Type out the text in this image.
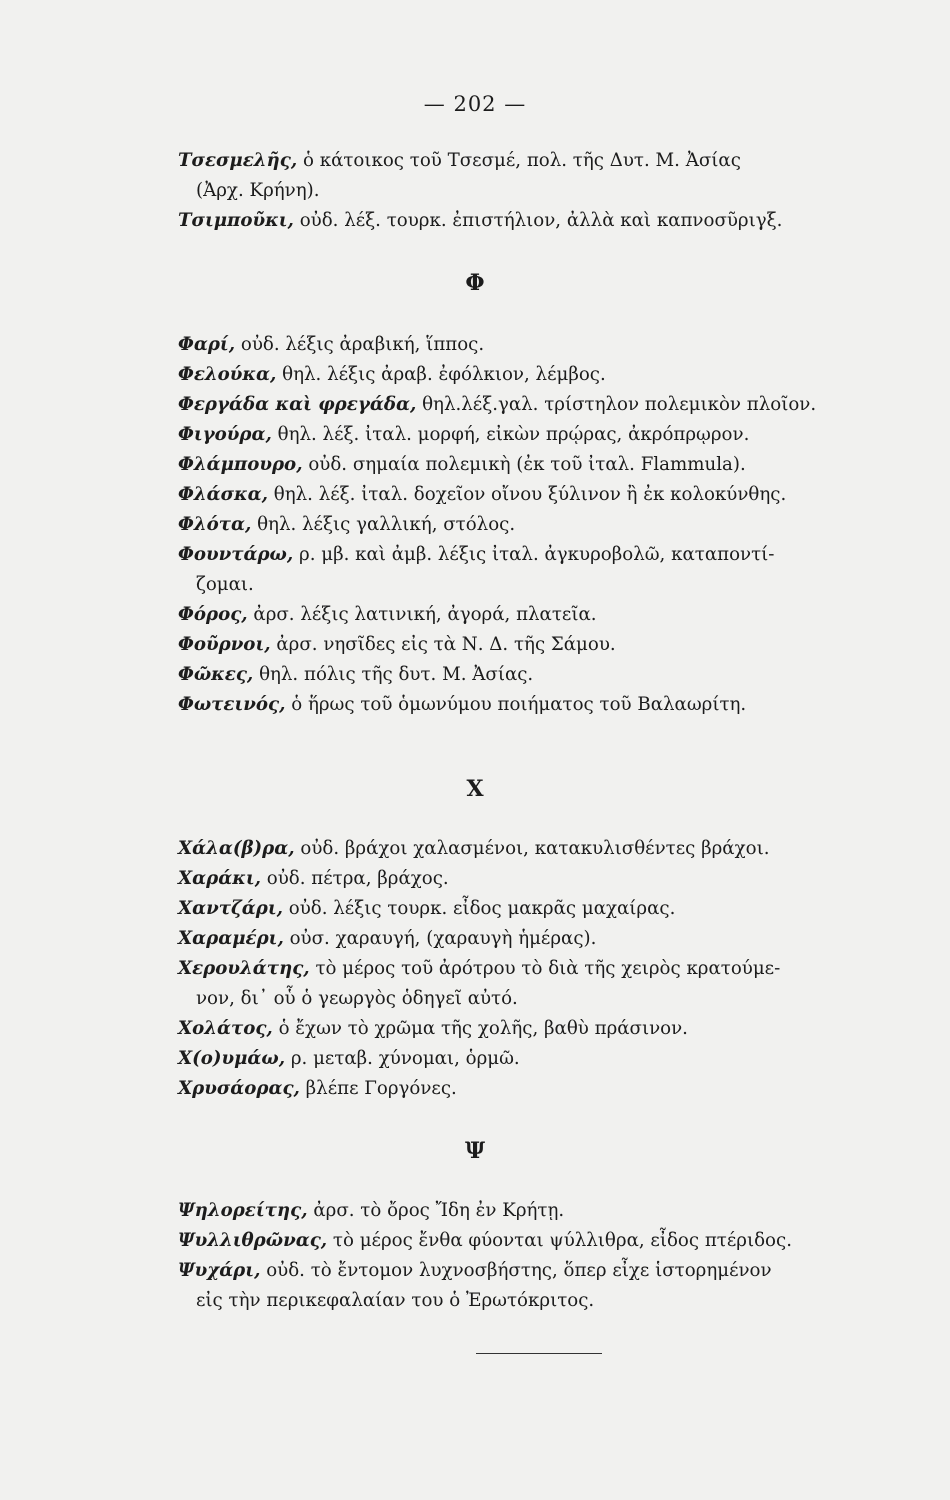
— 202 —
Τσεσμελῆς, ὁ κάτοικος τοῦ Τσεσμέ, πολ. τῆς Δυτ. Μ. Ἀσίας
(Ἀρχ. Κρήνη).
Τσιμποῦκι, οὐδ. λέξ. τουρκ. ἐπιστήλιον, ἀλλὰ καὶ καπνοσῦριγξ.
Φ
Φαρί, οὐδ. λέξις ἀραβική, ἵππος.
Φελούκα, θηλ. λέξις ἀραβ. ἐφόλκιον, λέμβος.
Φεργάδα καὶ φρεγάδα, θηλ.λέξ.γαλ. τρίστηλον πολεμικὸν πλοῖον.
Φιγούρα, θηλ. λέξ. ἰταλ. μορφή, εἰκὼν πρῴρας, ἀκρόπρῳρον.
Φλάμπουρο, οὐδ. σημαία πολεμικὴ (ἐκ τοῦ ἰταλ. Flammula).
Φλάσκα, θηλ. λέξ. ἰταλ. δοχεῖον οἴνου ξύλινον ἢ ἐκ κολοκύνθης.
Φλότα, θηλ. λέξις γαλλική, στόλος.
Φουντάρω, ρ. μβ. καὶ ἀμβ. λέξις ἰταλ. ἀγκυροβολῶ, καταποντί-
ζομαι.
Φόρος, ἀρσ. λέξις λατινική, ἀγορά, πλατεῖα.
Φοῦρνοι, ἀρσ. νησῖδες εἰς τὰ Ν. Δ. τῆς Σάμου.
Φῶκες, θηλ. πόλις τῆς δυτ. Μ. Ἀσίας.
Φωτεινός, ὁ ἥρως τοῦ ὁμωνύμου ποιήματος τοῦ Βαλαωρίτη.
Χ
Χάλα(β)ρα, οὐδ. βράχοι χαλασμένοι, κατακυλισθέντες βράχοι.
Χαράκι, οὐδ. πέτρα, βράχος.
Χαντζάρι, οὐδ. λέξις τουρκ. εἶδος μακρᾶς μαχαίρας.
Χαραμέρι, οὐσ. χαραυγή, (χαραυγὴ ἡμέρας).
Χερουλάτης, τὸ μέρος τοῦ ἀρότρου τὸ διὰ τῆς χειρὸς κρατούμε-
νον, δι᾽ οὗ ὁ γεωργὸς ὁδηγεῖ αὐτό.
Χολάτος, ὁ ἔχων τὸ χρῶμα τῆς χολῆς, βαθὺ πράσινον.
Χ(ο)υμάω, ρ. μεταβ. χύνομαι, ὁρμῶ.
Χρυσάορας, βλέπε Γοργόνες.
Ψ
Ψηλορείτης, ἀρσ. τὸ ὄρος Ἴδη ἐν Κρήτῃ.
Ψυλλιθρῶνας, τὸ μέρος ἔνθα φύονται ψύλλιθρα, εἶδος πτέριδος.
Ψυχάρι, οὐδ. τὸ ἔντομον λυχνοσβήστης, ὅπερ εἶχε ἱστορημένον
εἰς τὴν περικεφαλαίαν του ὁ Ἐρωτόκριτος.
